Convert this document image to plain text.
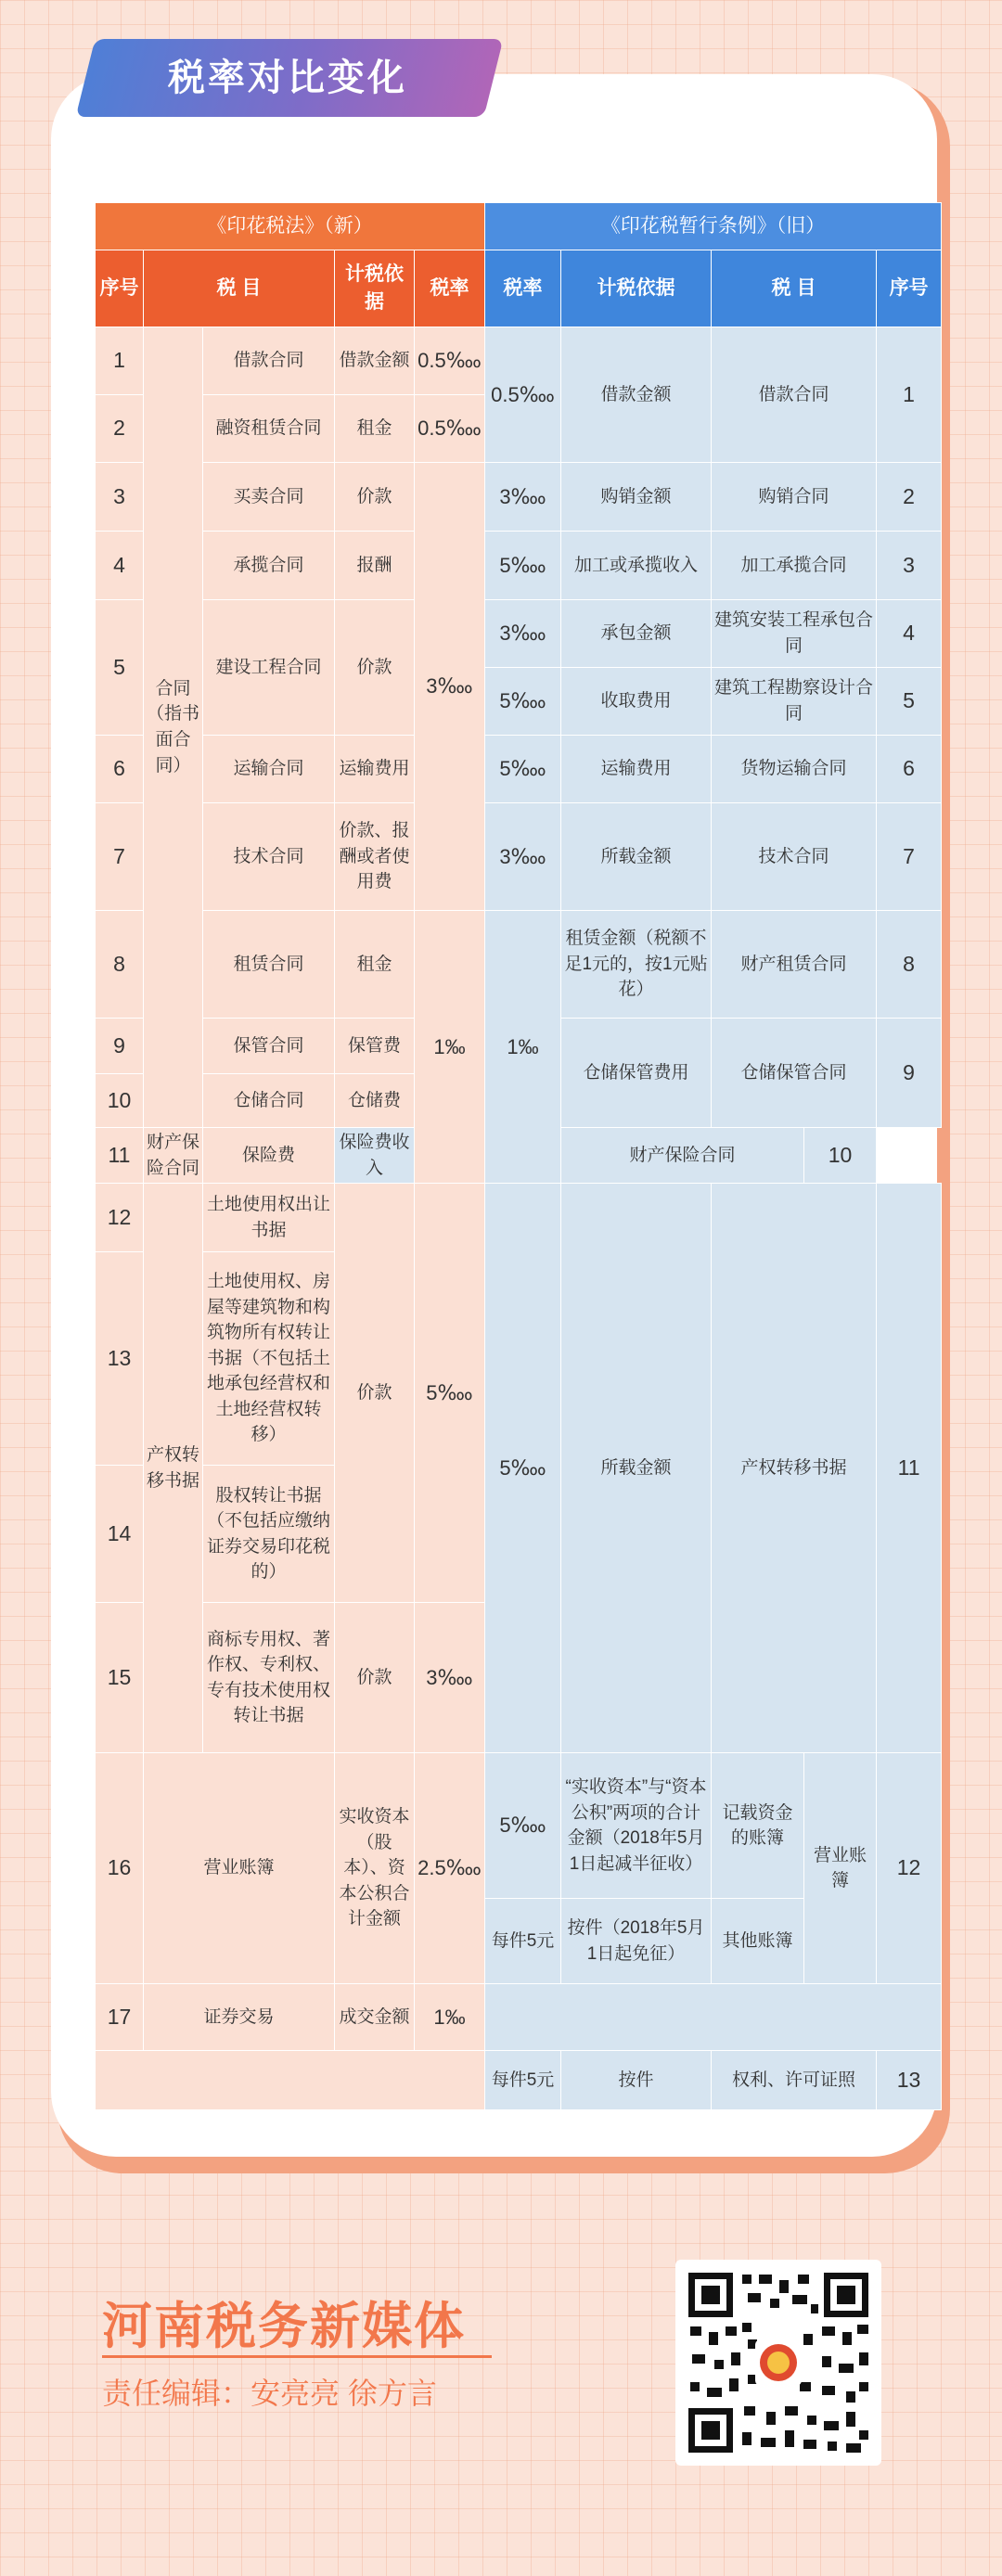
税率对比变化
《印花税法》（新）					《印花税暂行条例》（旧）				
序号	税 目		计税依据	税率	税率	计税依据	税 目		序号
1	合同（指书面合同）	借款合同	借款金额	0.5‱	0.5‱	借款金额	借款合同		1
2		融资租赁合同	租金	0.5‱					
3		买卖合同	价款	3‱	3‱	购销金额	购销合同		2
4		承揽合同	报酬		5‱	加工或承揽收入	加工承揽合同		3
5		建设工程合同	价款		3‱	承包金额	建筑安装工程承包合同		4
					5‱	收取费用	建筑工程勘察设计合同		5
6		运输合同	运输费用		5‱	运输费用	货物运输合同		6
7		技术合同	价款、报酬或者使用费		3‱	所载金额	技术合同		7
8		租赁合同	租金	1‰	1‰	租赁金额（税额不足1元的，按1元贴花）	财产租赁合同		8
9		保管合同	保管费			仓储保管费用	仓储保管合同		9
10		仓储合同	仓储费						
11	财产保险合同	保险费	保险费收入			财产保险合同		10	
12	产权转移书据	土地使用权出让书据	价款	5‱	5‱	所载金额	产权转移书据		11
13		土地使用权、房屋等建筑物和构筑物所有权转让书据（不包括土地承包经营权和土地经营权转移）							
14		股权转让书据（不包括应缴纳证券交易印花税的）							
15		商标专用权、著作权、专利权、专有技术使用权转让书据	价款	3‱					
16	营业账簿		实收资本（股本）、资本公积合计金额	2.5‱	5‱	“实收资本”与“资本公积”两项的合计金额（2018年5月1日起减半征收）	记载资金的账簿	营业账簿	12
					每件5元	按件（2018年5月1日起免征）	其他账簿		
17	证券交易		成交金额	1‰					
					每件5元	按件	权利、许可证照		13
河南税务新媒体
责任编辑：安亮亮 徐方言
